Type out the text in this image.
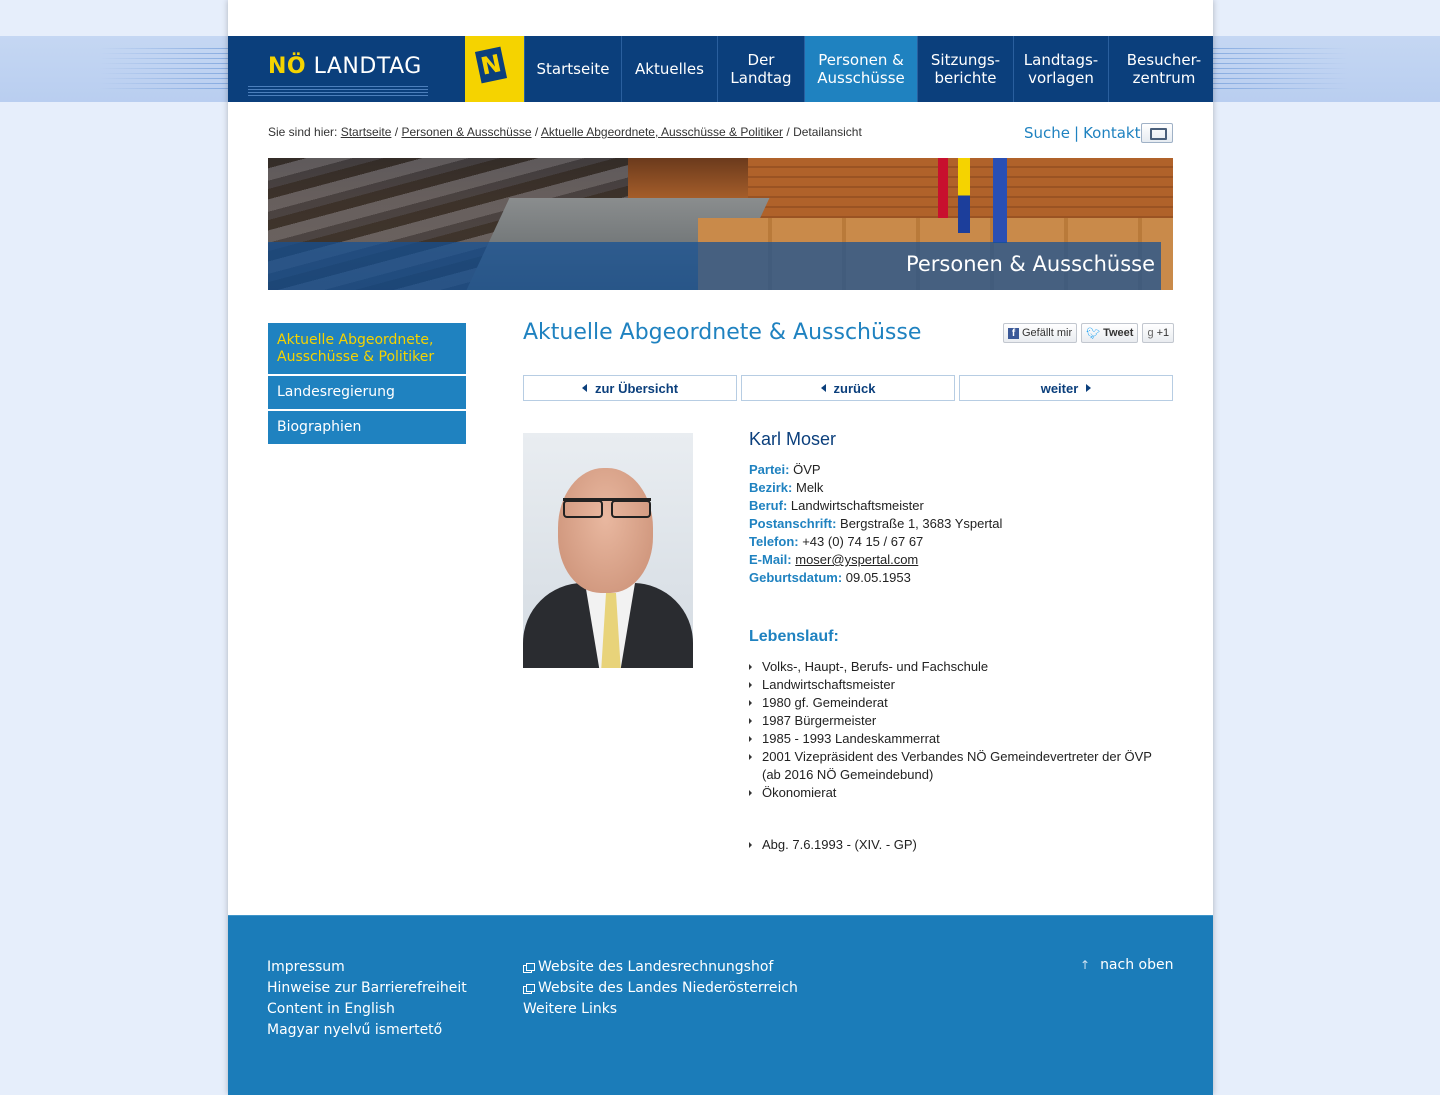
NÖ LANDTAG N	Startseite	Aktuelles	Der
Landtag
Personen &
Ausschüsse
Sitzungs-
berichte
Landtags-
vorlagen
Besucher-
zentrum
Sie sind hier: Startseite / Personen & Ausschüsse / Aktuelle Abgeordnete, Ausschüsse & Politiker / Detailansicht	Suche | Kontakt
Personen & Ausschüsse
Aktuelle Abgeordnete,
Ausschüsse & Politiker
Landesregierung
Biographien
Aktuelle Abgeordnete & Ausschüsse	f Gefällt mir 🐦︎ Tweet g +1
zur Übersicht	zurück	weiter
Karl Moser
Partei: ÖVP
Bezirk: Melk
Beruf: Landwirtschaftsmeister
Postanschrift: Bergstraße 1, 3683 Yspertal
Telefon: +43 (0) 74 15 / 67 67
E-Mail: moser@yspertal.com
Geburtsdatum: 09.05.1953
Lebenslauf:
Volks-, Haupt-, Berufs- und Fachschule
Landwirtschaftsmeister
1980 gf. Gemeinderat
1987 Bürgermeister
1985 - 1993 Landeskammerrat
2001 Vizepräsident des Verbandes NÖ Gemeindevertreter der ÖVP (ab 2016 NÖ Gemeindebund)
Ökonomierat
Abg. 7.6.1993 - (XIV. - GP)
Impressum
Hinweise zur Barrierefreiheit
Content in English
Magyar nyelvű ismertető
Website des Landesrechnungshof
Website des Landes Niederösterreich
Weitere Links
↑ nach oben
